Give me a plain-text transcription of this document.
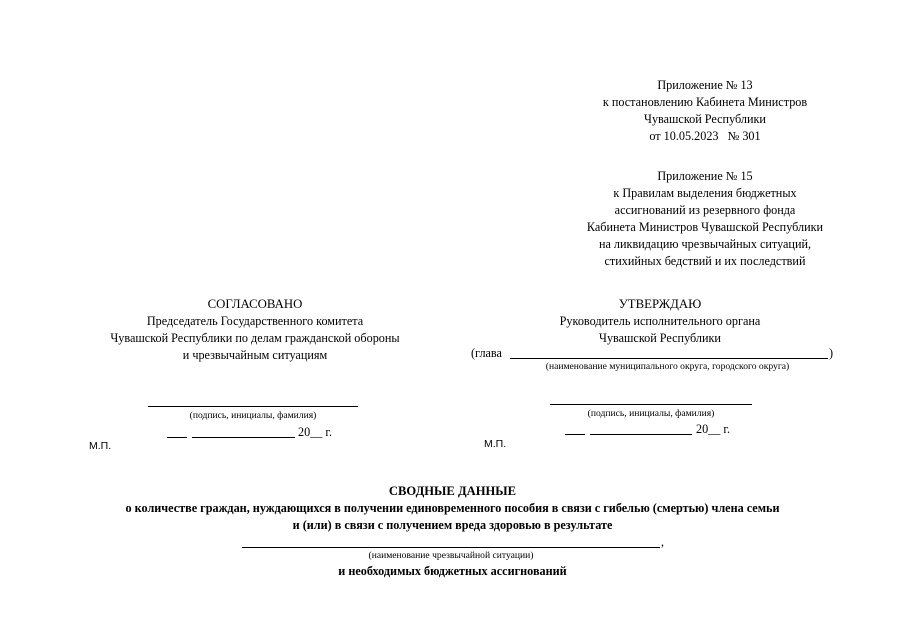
Приложение № 13
к постановлению Кабинета Министров
Чувашской Республики
от 10.05.2023   № 301
Приложение № 15
к Правилам выделения бюджетных
ассигнований из резервного фонда
Кабинета Министров Чувашской Республики
на ликвидацию чрезвычайных ситуаций,
стихийных бедствий и их последствий
СОГЛАСОВАНО
Председатель Государственного комитета
Чувашской Республики по делам гражданской обороны
и чрезвычайным ситуациям
(подпись, инициалы, фамилия)
20__ г.
М.П.
УТВЕРЖДАЮ
Руководитель исполнительного органа
Чувашской Республики
(глава	)
(наименование муниципального округа, городского округа)
(подпись, инициалы, фамилия)
20__ г.
М.П.
СВОДНЫЕ ДАННЫЕ
о количестве граждан, нуждающихся в получении единовременного пособия в связи с гибелью (смертью) члена семьи
и (или) в связи с получением вреда здоровью в результате
,
(наименование чрезвычайной ситуации)
и необходимых бюджетных ассигнований
